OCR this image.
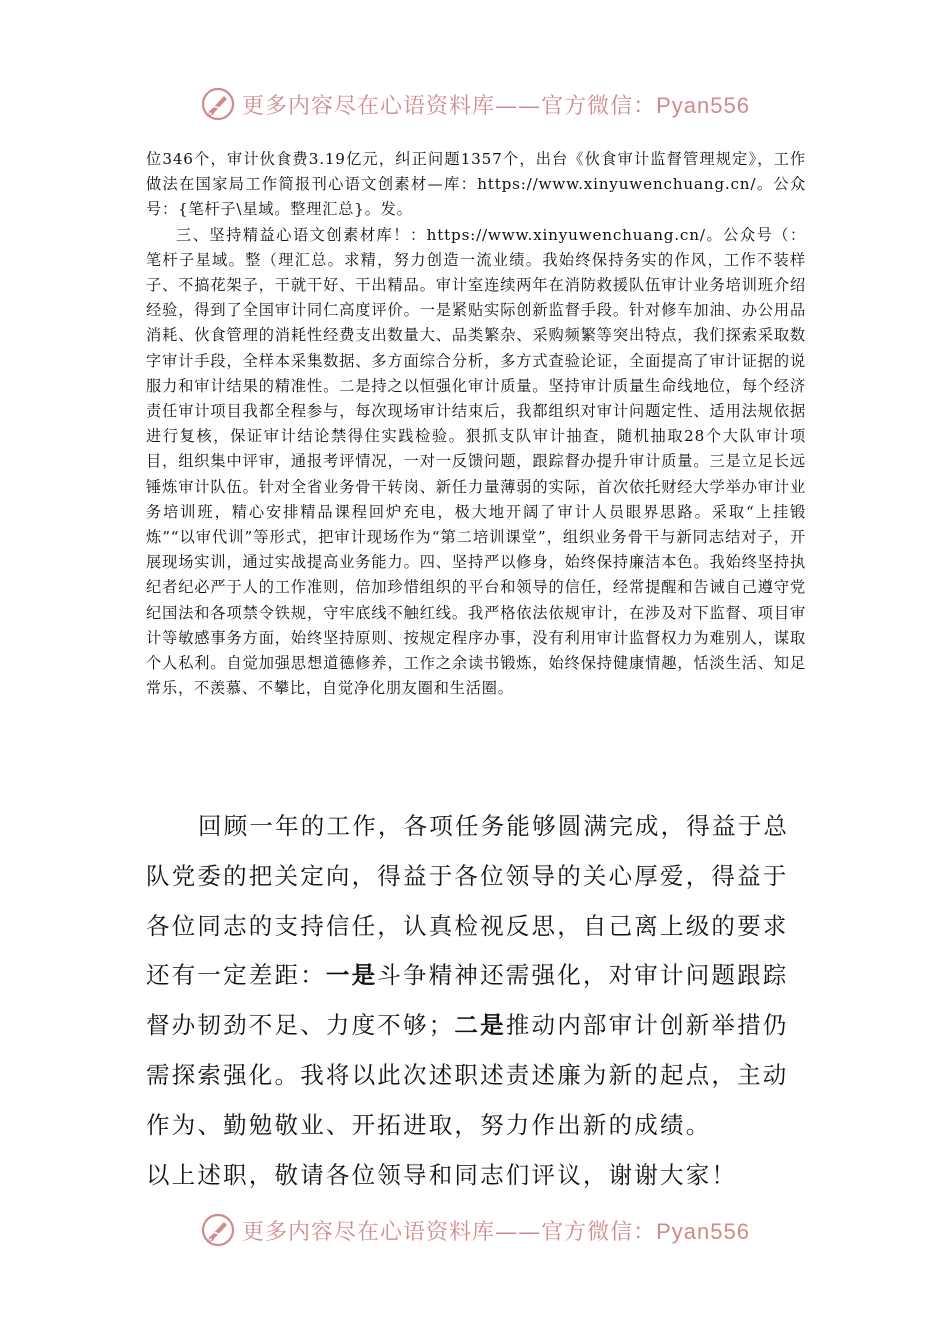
更多内容尽在心语资料库——官方微信：Pyan556

位346个，审计伙食费3.19亿元，纠正问题1357个，出台《伙食审计监督管理规定》，工作做法在国家局工作简报刊心语文创素材—库：https://www.xinyuwenchuang.cn/。公众号：{笔杆子\星域。整理汇总}。发。

三、坚持精益心语文创素材库！：https://www.xinyuwenchuang.cn/。公众号（：笔杆子星域。整（理汇总。求精，努力创造一流业绩。我始终保持务实的作风，工作不装样子、不搞花架子，干就干好、干出精品。审计室连续两年在消防救援队伍审计业务培训班介绍经验，得到了全国审计同仁高度评价。一是紧贴实际创新监督手段。针对修车加油、办公用品消耗、伙食管理的消耗性经费支出数量大、品类繁杂、采购频繁等突出特点，我们探索采取数字审计手段，全样本采集数据、多方面综合分析，多方式查验论证，全面提高了审计证据的说服力和审计结果的精准性。二是持之以恒强化审计质量。坚持审计质量生命线地位，每个经济责任审计项目我都全程参与，每次现场审计结束后，我都组织对审计问题定性、适用法规依据进行复核，保证审计结论禁得住实践检验。狠抓支队审计抽查，随机抽取28个大队审计项目，组织集中评审，通报考评情况，一对一反馈问题，跟踪督办提升审计质量。三是立足长远锤炼审计队伍。针对全省业务骨干转岗、新任力量薄弱的实际，首次依托财经大学举办审计业务培训班，精心安排精品课程回炉充电，极大地开阔了审计人员眼界思路。采取“上挂锻炼”“以审代训”等形式，把审计现场作为“第二培训课堂”，组织业务骨干与新同志结对子，开展现场实训，通过实战提高业务能力。四、坚持严以修身，始终保持廉洁本色。我始终坚持执纪者纪必严于人的工作准则，倍加珍惜组织的平台和领导的信任，经常提醒和告诫自己遵守党纪国法和各项禁令铁规，守牢底线不触红线。我严格依法依规审计，在涉及对下监督、项目审计等敏感事务方面，始终坚持原则、按规定程序办事，没有利用审计监督权力为难别人，谋取个人私利。自觉加强思想道德修养，工作之余读书锻炼，始终保持健康情趣，恬淡生活、知足常乐，不羡慕、不攀比，自觉净化朋友圈和生活圈。

回顾一年的工作，各项任务能够圆满完成，得益于总队党委的把关定向，得益于各位领导的关心厚爱，得益于各位同志的支持信任，认真检视反思，自己离上级的要求还有一定差距：一是斗争精神还需强化，对审计问题跟踪督办韧劲不足、力度不够；二是推动内部审计创新举措仍需探索强化。我将以此次述职述责述廉为新的起点，主动作为、勤勉敬业、开拓进取，努力作出新的成绩。

以上述职，敬请各位领导和同志们评议，谢谢大家！

更多内容尽在心语资料库——官方微信：Pyan556
